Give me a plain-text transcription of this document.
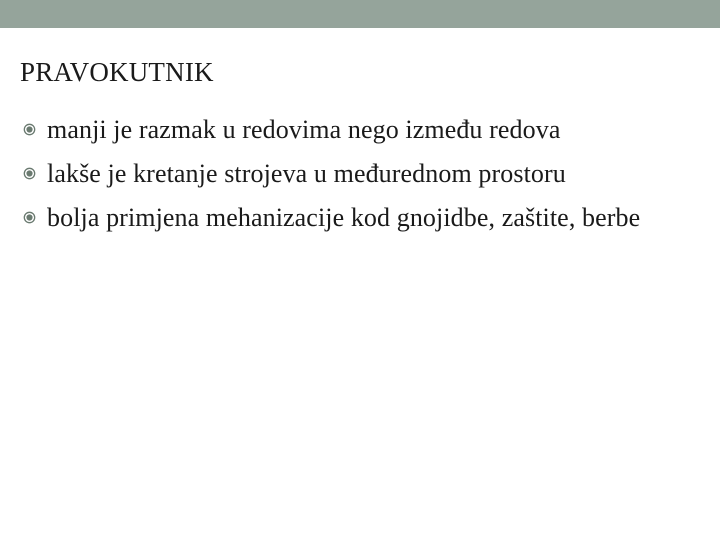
PRAVOKUTNIK
manji je razmak u redovima nego između redova
lakše je kretanje strojeva u međurednom prostoru
bolja primjena mehanizacije kod gnojidbe, zaštite, berbe
